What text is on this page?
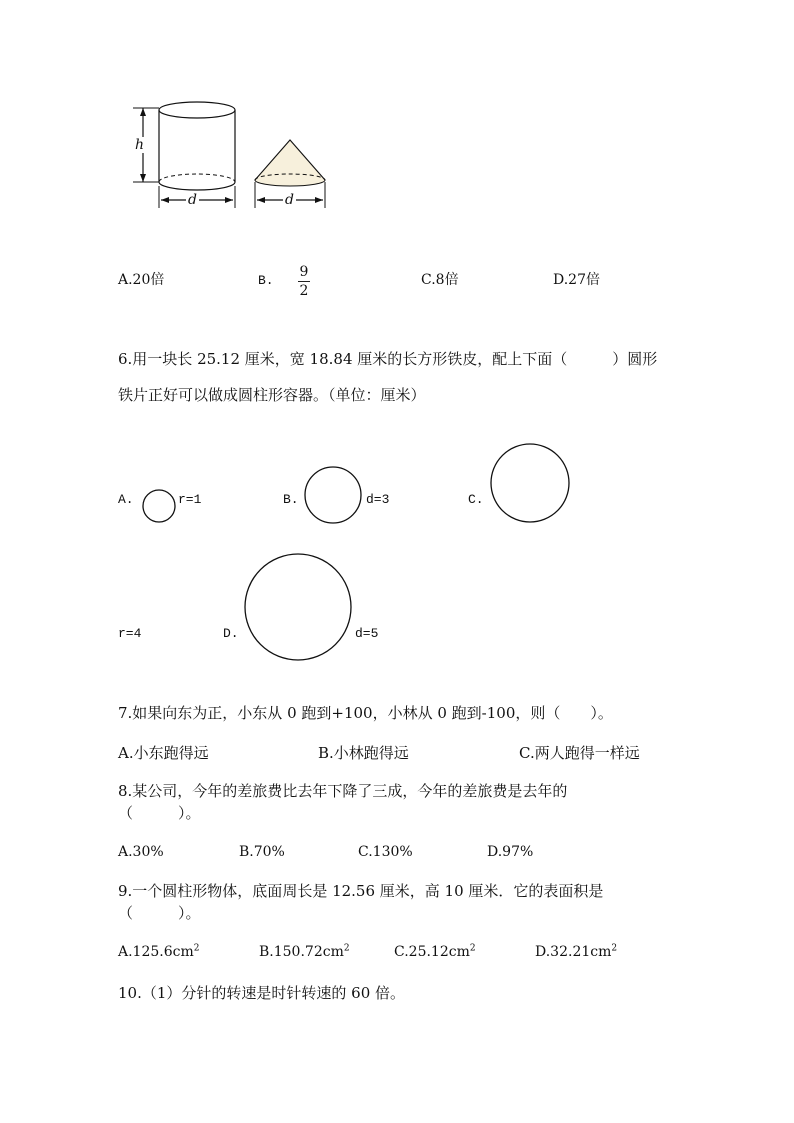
h
d	d
A.20倍	B.
9
2
C.8倍	D.27倍
6.用一块长 25.12 厘米，宽 18.84 厘米的长方形铁皮，配上下面（　　　）圆形
铁片正好可以做成圆柱形容器。（单位：厘米）
A.	r=1	B.	d=3	C.
r=4	D.	d=5
7.如果向东为正，小东从 0 跑到+100，小林从 0 跑到-100，则（　　）。
A.小东跑得远	B.小林跑得远	C.两人跑得一样远
8.某公司，今年的差旅费比去年下降了三成，今年的差旅费是去年的
（　　　）。
A.30%	B.70%	C.130%	D.97%
9.一个圆柱形物体，底面周长是 12.56 厘米，高 10 厘米．它的表面积是
（　　　）。
$A.125.6cm^2$	$B.150.72cm^2$	$C.25.12cm^2$	$D.32.21cm^2$
10.（1）分针的转速是时针转速的 60 倍。
